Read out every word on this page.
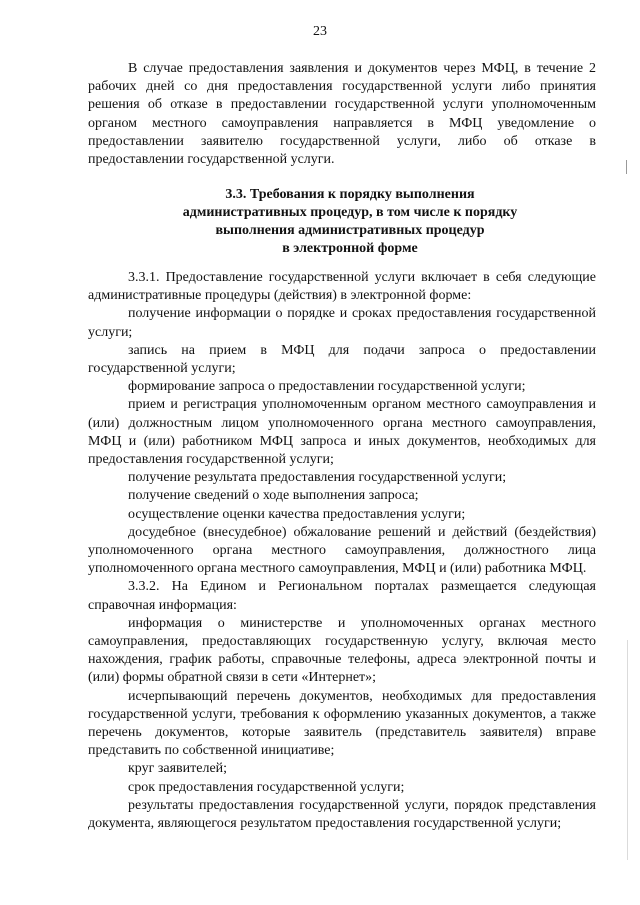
23

В случае предоставления заявления и документов через МФЦ, в течение 2 рабочих дней со дня предоставления государственной услуги либо принятия решения об отказе в предоставлении государственной услуги уполномоченным органом местного самоуправления направляется в МФЦ уведомление о предоставлении заявителю государственной услуги, либо об отказе в предоставлении государственной услуги.

3.3. Требования к порядку выполнения
административных процедур, в том числе к порядку
выполнения административных процедур
в электронной форме

3.3.1. Предоставление государственной услуги включает в себя следующие административные процедуры (действия) в электронной форме:

получение информации о порядке и сроках предоставления государственной услуги;

запись на прием в МФЦ для подачи запроса о предоставлении государственной услуги;

формирование запроса о предоставлении государственной услуги;

прием и регистрация уполномоченным органом местного самоуправления и (или) должностным лицом уполномоченного органа местного самоуправления, МФЦ и (или) работником МФЦ запроса и иных документов, необходимых для предоставления государственной услуги;

получение результата предоставления государственной услуги;

получение сведений о ходе выполнения запроса;

осуществление оценки качества предоставления услуги;

досудебное (внесудебное) обжалование решений и действий (бездействия) уполномоченного органа местного самоуправления, должностного лица уполномоченного органа местного самоуправления, МФЦ и (или) работника МФЦ.

3.3.2. На Едином и Региональном порталах размещается следующая справочная информация:

информация о министерстве и уполномоченных органах местного самоуправления, предоставляющих государственную услугу, включая место нахождения, график работы, справочные телефоны, адреса электронной почты и (или) формы обратной связи в сети «Интернет»;

исчерпывающий перечень документов, необходимых для предоставления государственной услуги, требования к оформлению указанных документов, а также перечень документов, которые заявитель (представитель заявителя) вправе представить по собственной инициативе;

круг заявителей;

срок предоставления государственной услуги;

результаты предоставления государственной услуги, порядок представления документа, являющегося результатом предоставления государственной услуги;
